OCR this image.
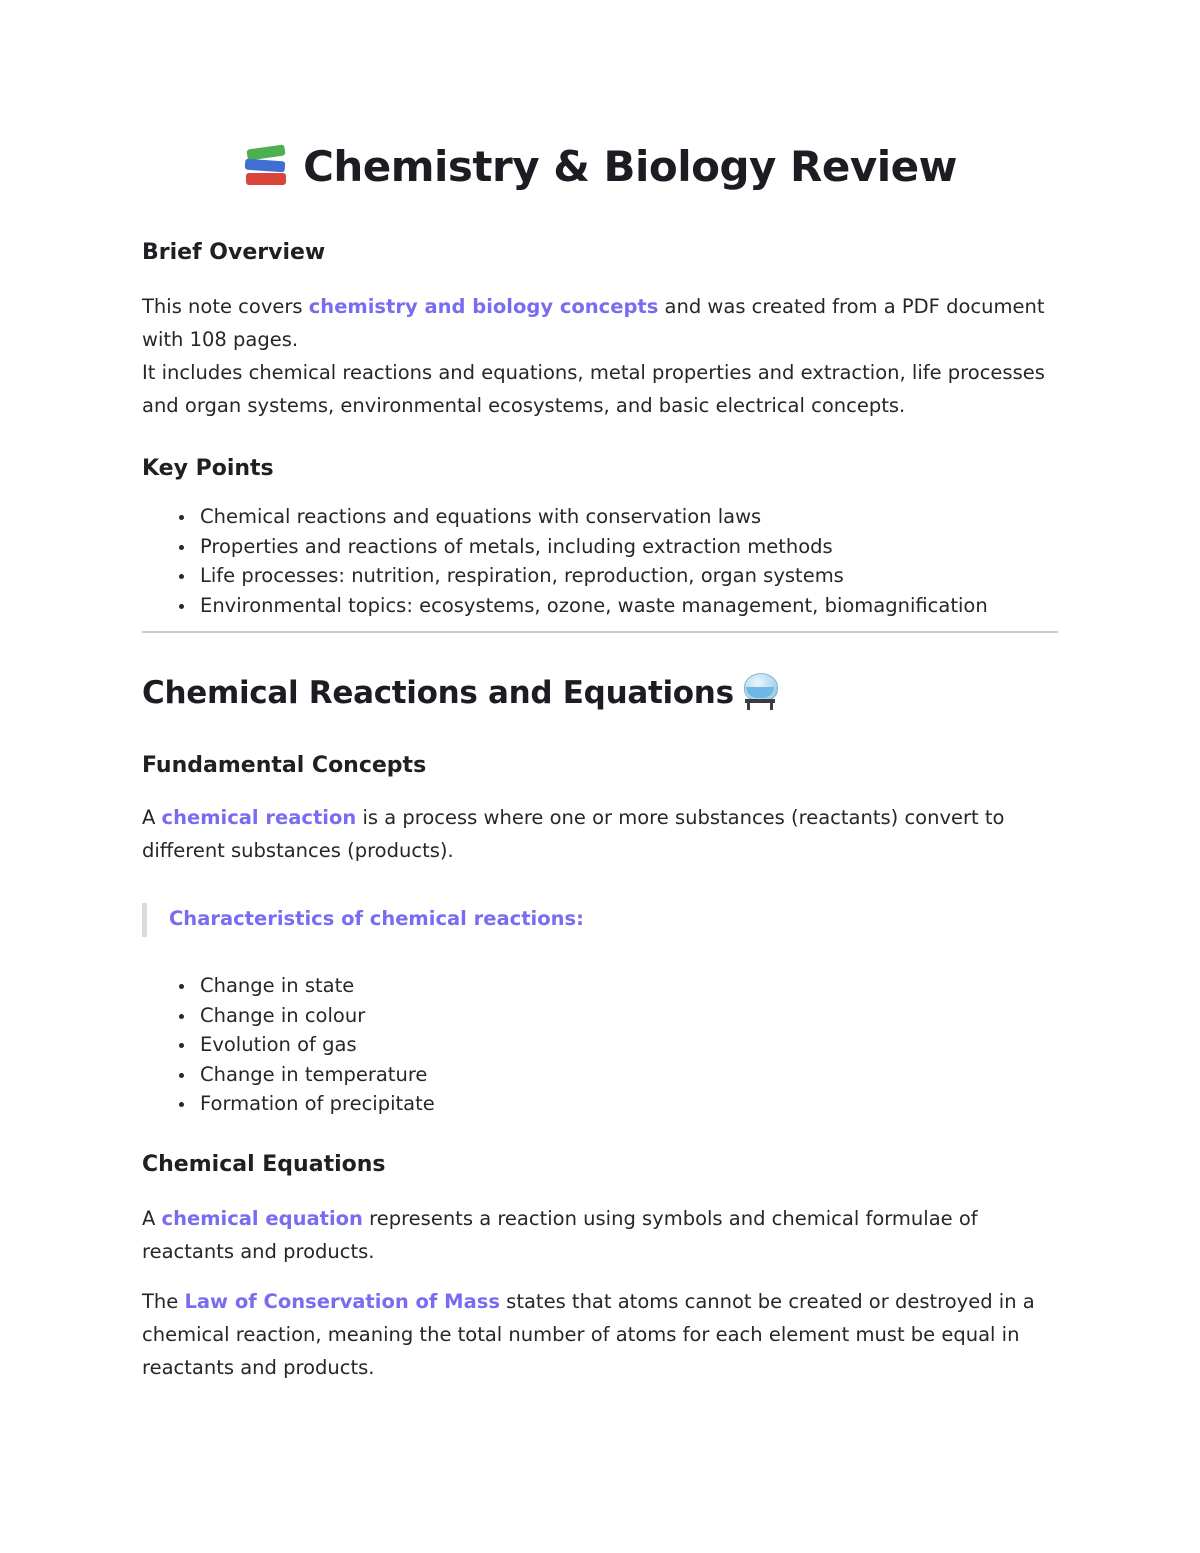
Chemistry & Biology Review
Brief Overview

This note covers chemistry and biology concepts and was created from a PDF document with 108 pages.
It includes chemical reactions and equations, metal properties and extraction, life processes and organ systems, environmental ecosystems, and basic electrical concepts.

Key Points
Chemical reactions and equations with conservation laws
Properties and reactions of metals, including extraction methods
Life processes: nutrition, respiration, reproduction, organ systems
Environmental topics: ecosystems, ozone, waste management, biomagnification
Chemical Reactions and Equations
Fundamental Concepts

A chemical reaction is a process where one or more substances (reactants) convert to different substances (products).

Characteristics of chemical reactions:
Change in state
Change in colour
Evolution of gas
Change in temperature
Formation of precipitate
Chemical Equations

A chemical equation represents a reaction using symbols and chemical formulae of reactants and products.

The Law of Conservation of Mass states that atoms cannot be created or destroyed in a chemical reaction, meaning the total number of atoms for each element must be equal in reactants and products.
